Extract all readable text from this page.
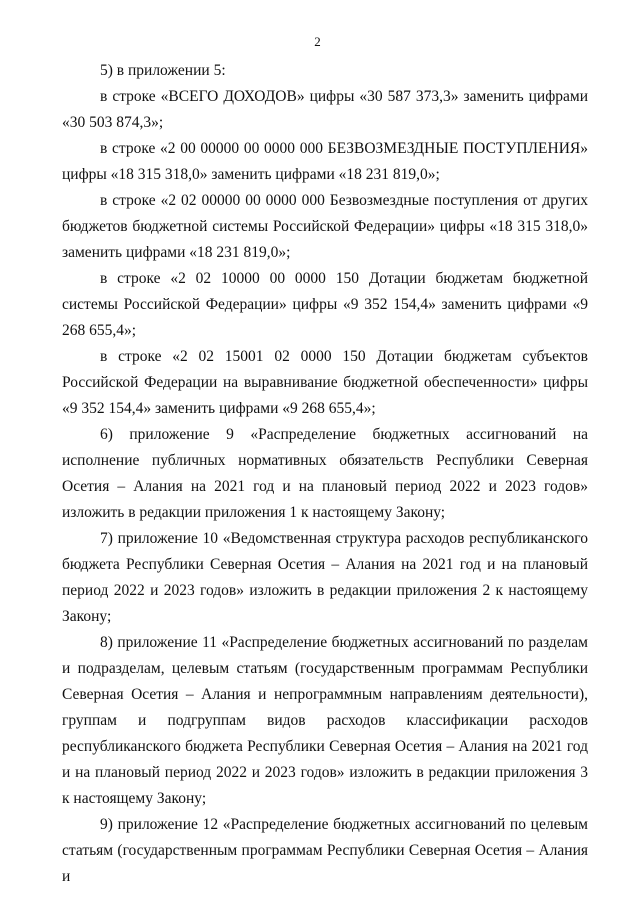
2

5) в приложении 5:

в строке «ВСЕГО ДОХОДОВ» цифры «30 587 373,3» заменить цифрами «30 503 874,3»;

в строке «2 00 00000 00 0000 000 БЕЗВОЗМЕЗДНЫЕ ПОСТУПЛЕНИЯ» цифры «18 315 318,0» заменить цифрами «18 231 819,0»;

в строке «2 02 00000 00 0000 000 Безвозмездные поступления от других бюджетов бюджетной системы Российской Федерации» цифры «18 315 318,0» заменить цифрами «18 231 819,0»;

в строке «2 02 10000 00 0000 150 Дотации бюджетам бюджетной системы Российской Федерации» цифры «9 352 154,4» заменить цифрами «9 268 655,4»;

в строке «2 02 15001 02 0000 150 Дотации бюджетам субъектов Российской Федерации на выравнивание бюджетной обеспеченности» цифры «9 352 154,4» заменить цифрами «9 268 655,4»;

6) приложение 9 «Распределение бюджетных ассигнований на исполнение публичных нормативных обязательств Республики Северная Осетия – Алания на 2021 год и на плановый период 2022 и 2023 годов» изложить в редакции приложения 1 к настоящему Закону;

7) приложение 10 «Ведомственная структура расходов республиканского бюджета Республики Северная Осетия – Алания на 2021 год и на плановый период 2022 и 2023 годов» изложить в редакции приложения 2 к настоящему Закону;

8) приложение 11 «Распределение бюджетных ассигнований по разделам и подразделам, целевым статьям (государственным программам Республики Северная Осетия – Алания и непрограммным направлениям деятельности), группам и подгруппам видов расходов классификации расходов республиканского бюджета Республики Северная Осетия – Алания на 2021 год и на плановый период 2022 и 2023 годов» изложить в редакции приложения 3 к настоящему Закону;

9) приложение 12 «Распределение бюджетных ассигнований по целевым статьям (государственным программам Республики Северная Осетия – Алания и
